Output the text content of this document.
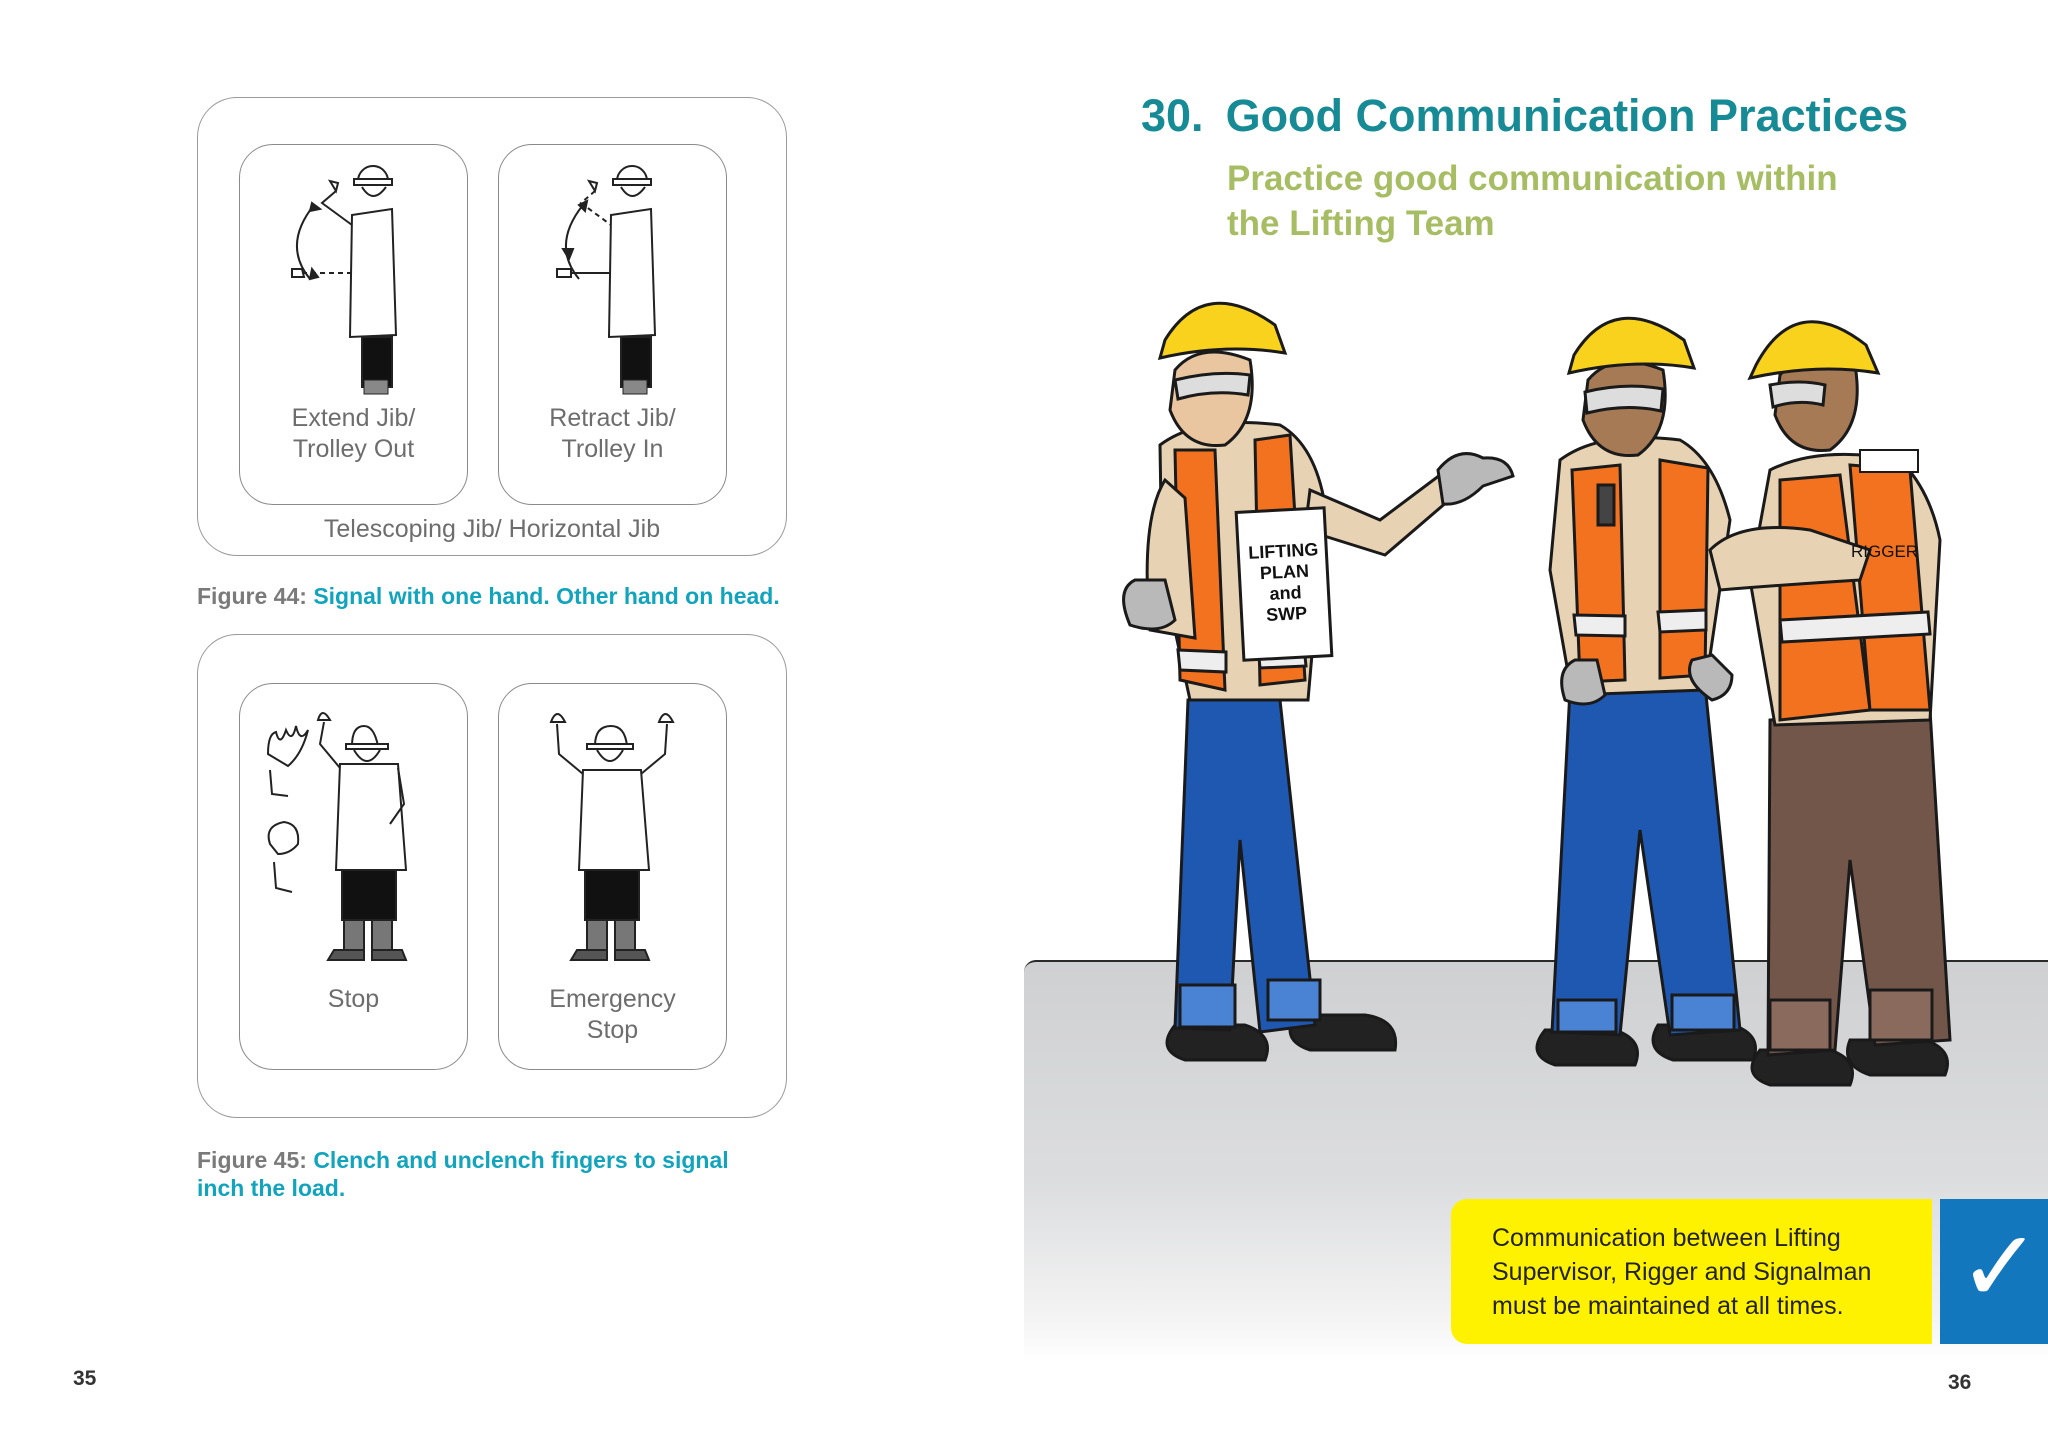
Extend Jib/
Trolley Out
Retract Jib/
Trolley In
Telescoping Jib/ Horizontal Jib
Figure 44: Signal with one hand. Other hand on head.
Stop	Emergency
Stop
Figure 45: Clench and unclench fingers to signal
inch the load.
35
30. Good Communication Practices
Practice good communication within the Lifting Team
LIFTING
PLAN
and
SWP
RIGGER
Communication between Lifting Supervisor, Rigger and Signalman must be maintained at all times.	✓
36
